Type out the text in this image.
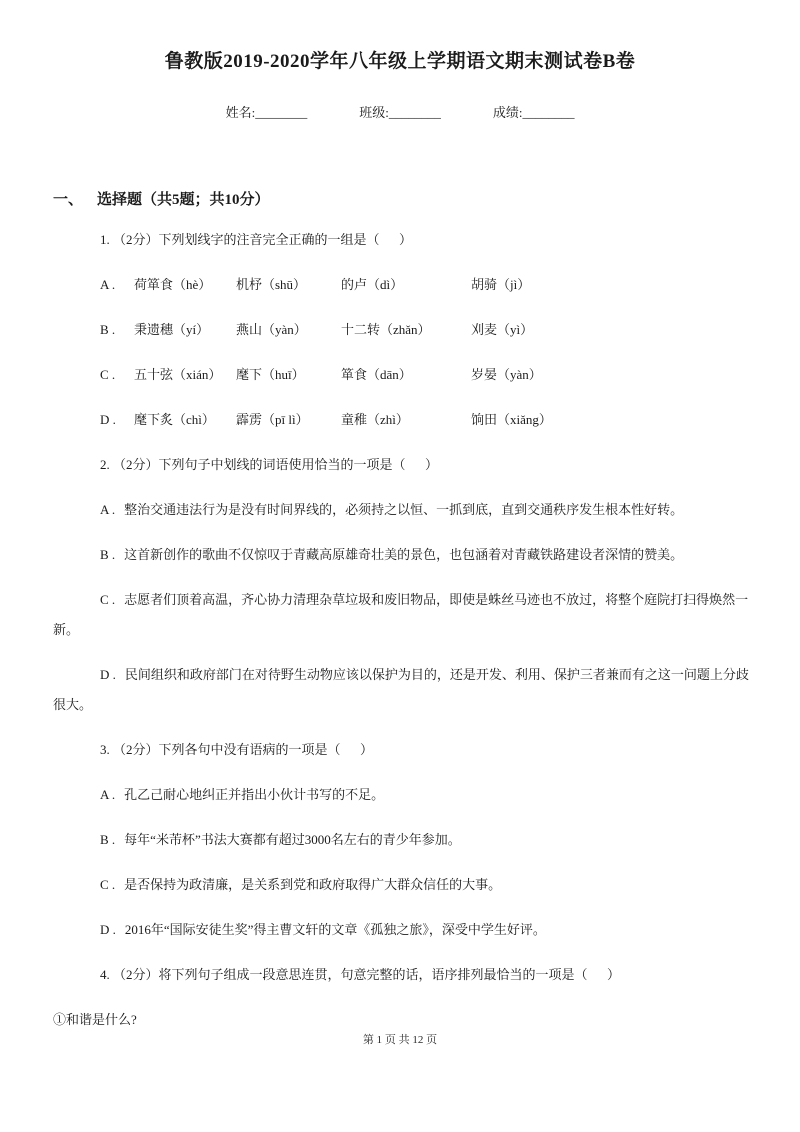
鲁教版2019-2020学年八年级上学期语文期末测试卷B卷
姓名:________	班级:________	成绩:________
一、 选择题（共5题；共10分）

1. （2分）下列划线字的注音完全正确的一组是（      ）

A .	荷箪食（hè）	机杼（shū）	的卢（dì）	胡骑（jì）
B .	秉遗穗（yí）	燕山（yàn）	十二转（zhǎn）	刈麦（yì）
C .	五十弦（xián）	麾下（huī）	箪食（dān）	岁晏（yàn）
D .	麾下炙（chì）	霹雳（pī lì）	童稚（zhì）	饷田（xiǎng）

2. （2分）下列句子中划线的词语使用恰当的一项是（      ）

A . 整治交通违法行为是没有时间界线的，必须持之以恒、一抓到底，直到交通秩序发生根本性好转。

B . 这首新创作的歌曲不仅惊叹于青藏高原雄奇壮美的景色，也包涵着对青藏铁路建设者深情的赞美。

C . 志愿者们顶着高温，齐心协力清理杂草垃圾和废旧物品，即使是蛛丝马迹也不放过，将整个庭院打扫得焕然一新。

D . 民间组织和政府部门在对待野生动物应该以保护为目的，还是开发、利用、保护三者兼而有之这一问题上分歧很大。

3. （2分）下列各句中没有语病的一项是（      ）

A . 孔乙己耐心地纠正并指出小伙计书写的不足。

B . 每年“米芾杯”书法大赛都有超过3000名左右的青少年参加。

C . 是否保持为政清廉，是关系到党和政府取得广大群众信任的大事。

D . 2016年“国际安徒生奖”得主曹文轩的文章《孤独之旅》，深受中学生好评。

4. （2分）将下列句子组成一段意思连贯，句意完整的话，语序排列最恰当的一项是（      ）

①和谐是什么?

第 1 页 共 12 页
